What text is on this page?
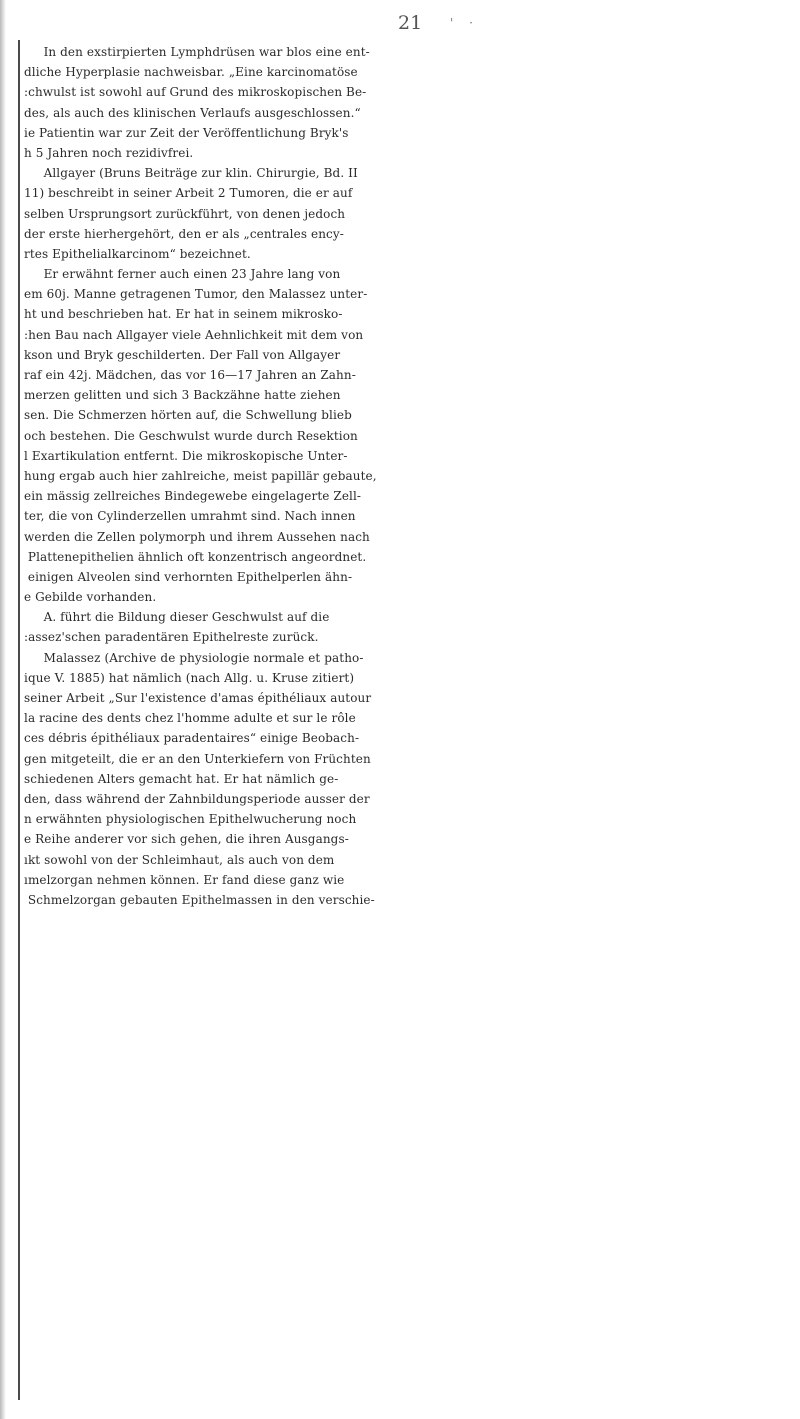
21 ' ·
In den exstirpierten Lymphdrüsen war blos eine ent-
dliche Hyperplasie nachweisbar. „Eine karcinomatöse
:chwulst ist sowohl auf Grund des mikroskopischen Be-
des, als auch des klinischen Verlaufs ausgeschlossen.“
ie Patientin war zur Zeit der Veröffentlichung Bryk's
h 5 Jahren noch rezidivfrei.
Allgayer (Bruns Beiträge zur klin. Chirurgie, Bd. II
11) beschreibt in seiner Arbeit 2 Tumoren, die er auf
selben Ursprungsort zurückführt, von denen jedoch
der erste hierhergehört, den er als „centrales ency-
rtes Epithelialkarcinom“ bezeichnet.
Er erwähnt ferner auch einen 23 Jahre lang von
em 60j. Manne getragenen Tumor, den Malassez unter-
ht und beschrieben hat. Er hat in seinem mikrosko-
:hen Bau nach Allgayer viele Aehnlichkeit mit dem von
kson und Bryk geschilderten. Der Fall von Allgayer
raf ein 42j. Mädchen, das vor 16—17 Jahren an Zahn-
merzen gelitten und sich 3 Backzähne hatte ziehen
sen. Die Schmerzen hörten auf, die Schwellung blieb
och bestehen. Die Geschwulst wurde durch Resektion
l Exartikulation entfernt. Die mikroskopische Unter-
hung ergab auch hier zahlreiche, meist papillär gebaute,
ein mässig zellreiches Bindegewebe eingelagerte Zell-
ter, die von Cylinderzellen umrahmt sind. Nach innen
werden die Zellen polymorph und ihrem Aussehen nach
Plattenepithelien ähnlich oft konzentrisch angeordnet.
einigen Alveolen sind verhornten Epithelperlen ähn-
e Gebilde vorhanden.
A. führt die Bildung dieser Geschwulst auf die
:assez'schen paradentären Epithelreste zurück.
Malassez (Archive de physiologie normale et patho-
ique V. 1885) hat nämlich (nach Allg. u. Kruse zitiert)
seiner Arbeit „Sur l'existence d'amas épithéliaux autour
la racine des dents chez l'homme adulte et sur le rôle
ces débris épithéliaux paradentaires“ einige Beobach-
gen mitgeteilt, die er an den Unterkiefern von Früchten
schiedenen Alters gemacht hat. Er hat nämlich ge-
den, dass während der Zahnbildungsperiode ausser der
n erwähnten physiologischen Epithelwucherung noch
e Reihe anderer vor sich gehen, die ihren Ausgangs-
ıkt sowohl von der Schleimhaut, als auch von dem
ımelzorgan nehmen können. Er fand diese ganz wie
Schmelzorgan gebauten Epithelmassen in den verschie-
